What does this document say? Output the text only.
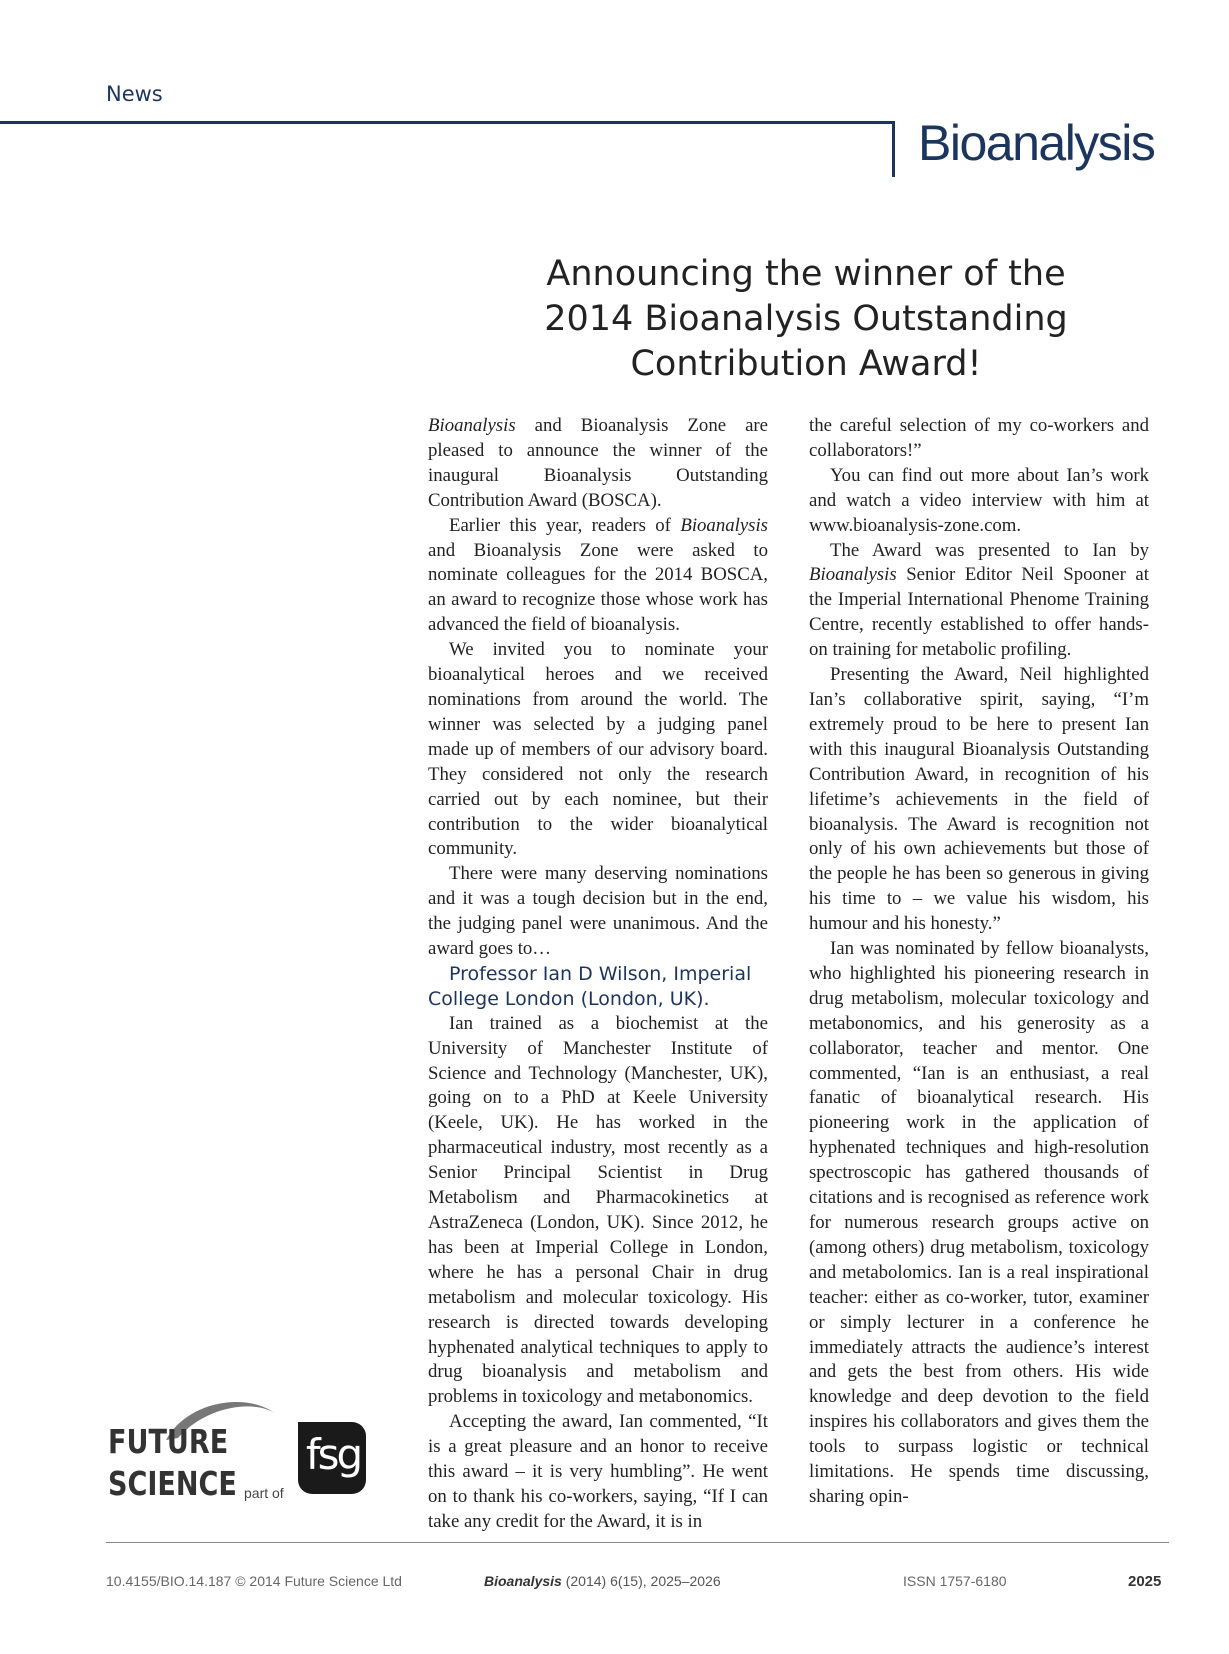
News
Bioanalysis
Announcing the winner of the
2014 Bioanalysis Outstanding
Contribution Award!

Bioanalysis and Bioanalysis Zone are pleased to announce the winner of the inaugural Bioanalysis Outstanding Contribution Award (BOSCA).

Earlier this year, readers of Bioanalysis and Bioanalysis Zone were asked to nominate colleagues for the 2014 BOSCA, an award to recognize those whose work has advanced the field of bioanalysis.

We invited you to nominate your bioanalytical heroes and we received nominations from around the world. The winner was selected by a judging panel made up of members of our advisory board. They considered not only the research carried out by each nominee, but their contribution to the wider bioanalytical community.

There were many deserving nominations and it was a tough decision but in the end, the judging panel were unanimous. And the award goes to…

Professor Ian D Wilson, Imperial College London (London, UK).

Ian trained as a biochemist at the University of Manchester Institute of Science and Technology (Manchester, UK), going on to a PhD at Keele University (Keele, UK). He has worked in the pharmaceutical industry, most recently as a Senior Principal Scientist in Drug Metabolism and Pharmacokinetics at AstraZeneca (London, UK). Since 2012, he has been at Imperial College in London, where he has a personal Chair in drug metabolism and molecular toxicology. His research is directed towards developing hyphenated analytical techniques to apply to drug bioanalysis and metabolism and problems in toxicology and metabonomics.

Accepting the award, Ian commented, “It is a great pleasure and an honor to receive this award – it is very humbling”. He went on to thank his co-workers, saying, “If I can take any credit for the Award, it is in

the careful selection of my co-workers and collaborators!”

You can find out more about Ian’s work and watch a video interview with him at www.bioanalysis-zone.com.

The Award was presented to Ian by Bioanalysis Senior Editor Neil Spooner at the Imperial International Phenome Training Centre, recently established to offer hands-on training for metabolic profiling.

Presenting the Award, Neil highlighted Ian’s collaborative spirit, saying, “I’m extremely proud to be here to present Ian with this inaugural Bioanalysis Outstanding Contribution Award, in recognition of his lifetime’s achievements in the field of bioanalysis. The Award is recognition not only of his own achievements but those of the people he has been so generous in giving his time to – we value his wisdom, his humour and his honesty.”

Ian was nominated by fellow bioanalysts, who highlighted his pioneering research in drug metabolism, molecular toxicology and metabonomics, and his generosity as a collaborator, teacher and mentor. One commented, “Ian is an enthusiast, a real fanatic of bioanalytical research. His pioneering work in the application of hyphenated techniques and high-resolution spectroscopic has gathered thousands of citations and is recognised as reference work for numerous research groups active on (among others) drug metabolism, toxicology and metabolomics. Ian is a real inspirational teacher: either as co-worker, tutor, examiner or simply lecturer in a conference he immediately attracts the audience’s interest and gets the best from others. His wide knowledge and deep devotion to the field inspires his collaborators and gives them the tools to surpass logistic or technical limitations. He spends time discussing, sharing opin-

FUTURE
SCIENCE part of
fsg
10.4155/BIO.14.187 © 2014 Future Science Ltd	Bioanalysis (2014) 6(15), 2025–2026	ISSN 1757-6180	2025
